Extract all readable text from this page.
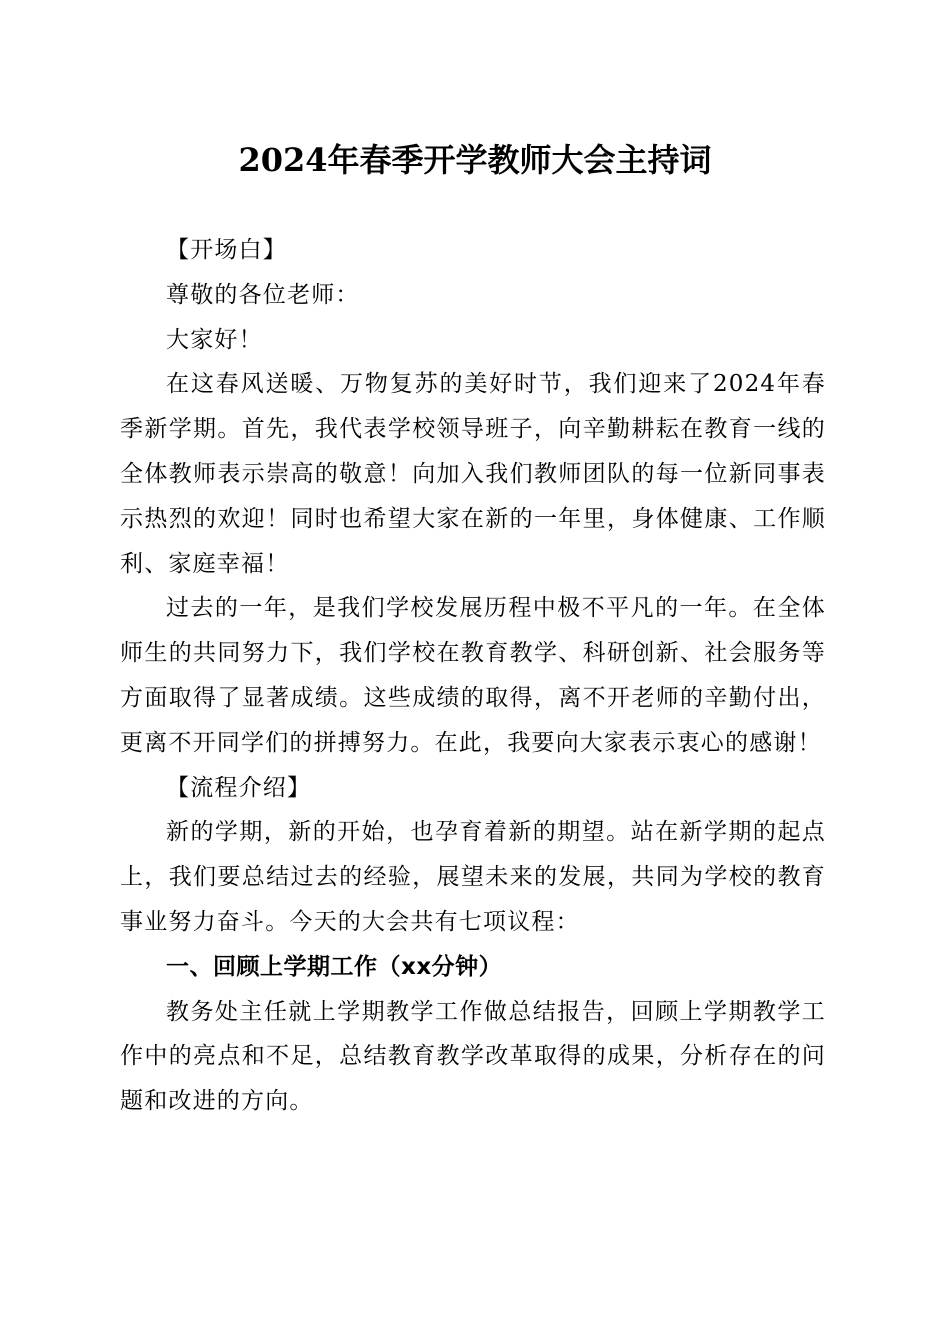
2024年春季开学教师大会主持词

【开场白】

尊敬的各位老师：

大家好！

在这春风送暖、万物复苏的美好时节，我们迎来了2024年春季新学期。首先，我代表学校领导班子，向辛勤耕耘在教育一线的全体教师表示崇高的敬意！向加入我们教师团队的每一位新同事表示热烈的欢迎！同时也希望大家在新的一年里，身体健康、工作顺利、家庭幸福！

过去的一年，是我们学校发展历程中极不平凡的一年。在全体师生的共同努力下，我们学校在教育教学、科研创新、社会服务等方面取得了显著成绩。这些成绩的取得，离不开老师的辛勤付出，更离不开同学们的拼搏努力。在此，我要向大家表示衷心的感谢！

【流程介绍】

新的学期，新的开始，也孕育着新的期望。站在新学期的起点上，我们要总结过去的经验，展望未来的发展，共同为学校的教育事业努力奋斗。今天的大会共有七项议程：

一、回顾上学期工作（xx分钟）

教务处主任就上学期教学工作做总结报告，回顾上学期教学工作中的亮点和不足，总结教育教学改革取得的成果，分析存在的问题和改进的方向。
